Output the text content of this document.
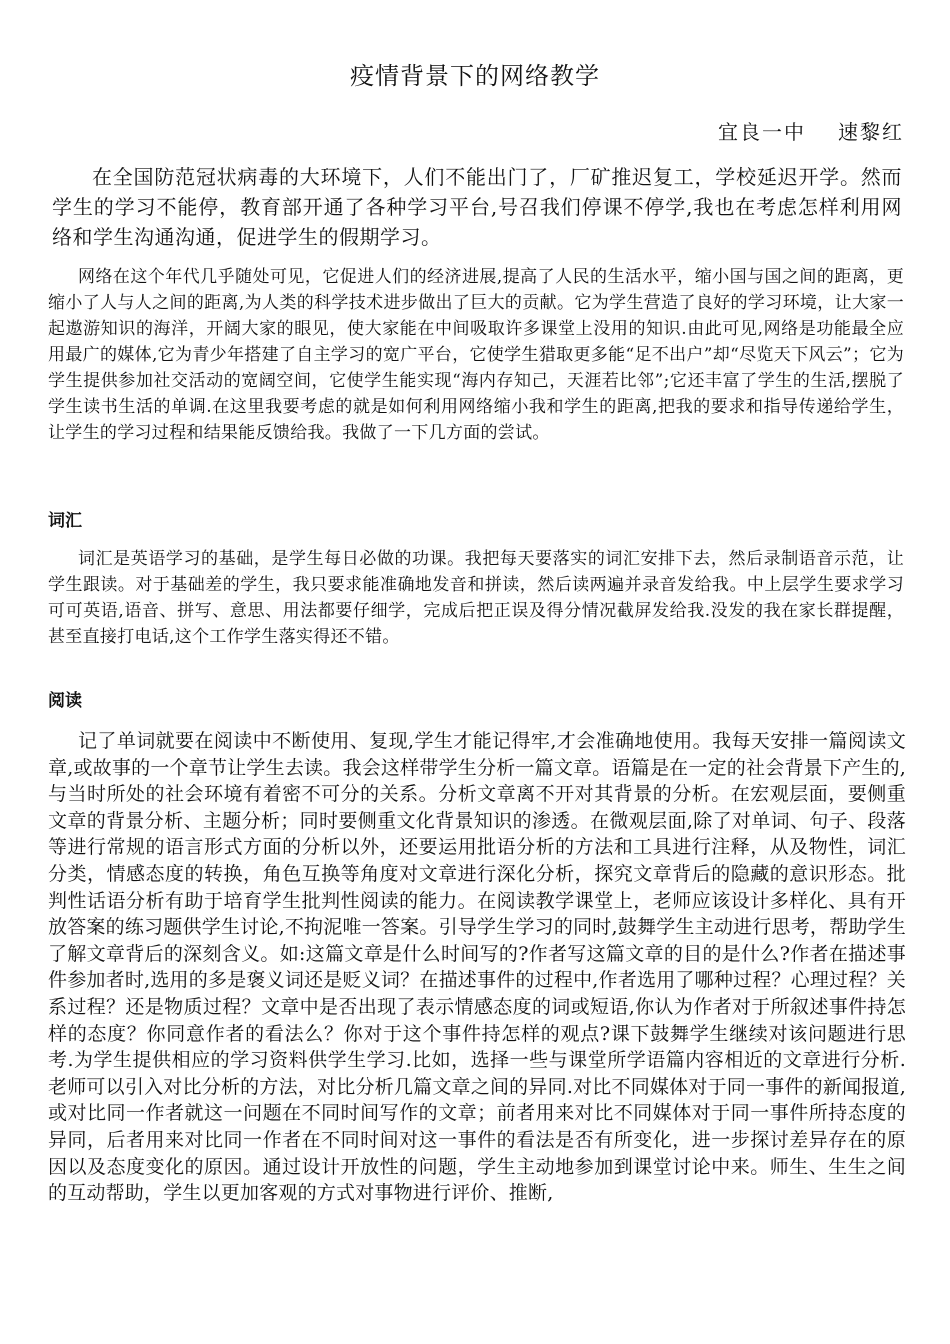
疫情背景下的网络教学

宜良一中 速黎红

在全国防范冠状病毒的大环境下，人们不能出门了，厂矿推迟复工，学校延迟开学。然而学生的学习不能停，教育部开通了各种学习平台,号召我们停课不停学,我也在考虑怎样利用网络和学生沟通沟通，促进学生的假期学习。

网络在这个年代几乎随处可见，它促进人们的经济进展,提高了人民的生活水平，缩小国与国之间的距离，更缩小了人与人之间的距离,为人类的科学技术进步做出了巨大的贡献。它为学生营造了良好的学习环境，让大家一起遨游知识的海洋，开阔大家的眼见，使大家能在中间吸取许多课堂上没用的知识.由此可见,网络是功能最全应用最广的媒体,它为青少年搭建了自主学习的宽广平台，它使学生猎取更多能“足不出户”却“尽览天下风云”；它为学生提供参加社交活动的宽阔空间，它使学生能实现“海内存知己，天涯若比邻”;它还丰富了学生的生活,摆脱了学生读书生活的单调.在这里我要考虑的就是如何利用网络缩小我和学生的距离,把我的要求和指导传递给学生，让学生的学习过程和结果能反馈给我。我做了一下几方面的尝试。

词汇

词汇是英语学习的基础，是学生每日必做的功课。我把每天要落实的词汇安排下去，然后录制语音示范，让学生跟读。对于基础差的学生，我只要求能准确地发音和拼读，然后读两遍并录音发给我。中上层学生要求学习可可英语,语音、拼写、意思、用法都要仔细学，完成后把正误及得分情况截屏发给我.没发的我在家长群提醒，甚至直接打电话,这个工作学生落实得还不错。

阅读

记了单词就要在阅读中不断使用、复现,学生才能记得牢,才会准确地使用。我每天安排一篇阅读文章,或故事的一个章节让学生去读。我会这样带学生分析一篇文章。语篇是在一定的社会背景下产生的,与当时所处的社会环境有着密不可分的关系。分析文章离不开对其背景的分析。在宏观层面，要侧重文章的背景分析、主题分析；同时要侧重文化背景知识的渗透。在微观层面,除了对单词、句子、段落等进行常规的语言形式方面的分析以外，还要运用批语分析的方法和工具进行注释，从及物性，词汇分类，情感态度的转换，角色互换等角度对文章进行深化分析，探究文章背后的隐藏的意识形态。批判性话语分析有助于培育学生批判性阅读的能力。在阅读教学课堂上，老师应该设计多样化、具有开放答案的练习题供学生讨论,不拘泥唯一答案。引导学生学习的同时,鼓舞学生主动进行思考，帮助学生了解文章背后的深刻含义。如:这篇文章是什么时间写的?作者写这篇文章的目的是什么?作者在描述事件参加者时,选用的多是褒义词还是贬义词？在描述事件的过程中,作者选用了哪种过程？心理过程？关系过程？还是物质过程？文章中是否出现了表示情感态度的词或短语,你认为作者对于所叙述事件持怎样的态度？你同意作者的看法么？你对于这个事件持怎样的观点?课下鼓舞学生继续对该问题进行思考.为学生提供相应的学习资料供学生学习.比如，选择一些与课堂所学语篇内容相近的文章进行分析.老师可以引入对比分析的方法，对比分析几篇文章之间的异同.对比不同媒体对于同一事件的新闻报道,或对比同一作者就这一问题在不同时间写作的文章；前者用来对比不同媒体对于同一事件所持态度的异同，后者用来对比同一作者在不同时间对这一事件的看法是否有所变化，进一步探讨差异存在的原因以及态度变化的原因。通过设计开放性的问题，学生主动地参加到课堂讨论中来。师生、生生之间的互动帮助，学生以更加客观的方式对事物进行评价、推断,
